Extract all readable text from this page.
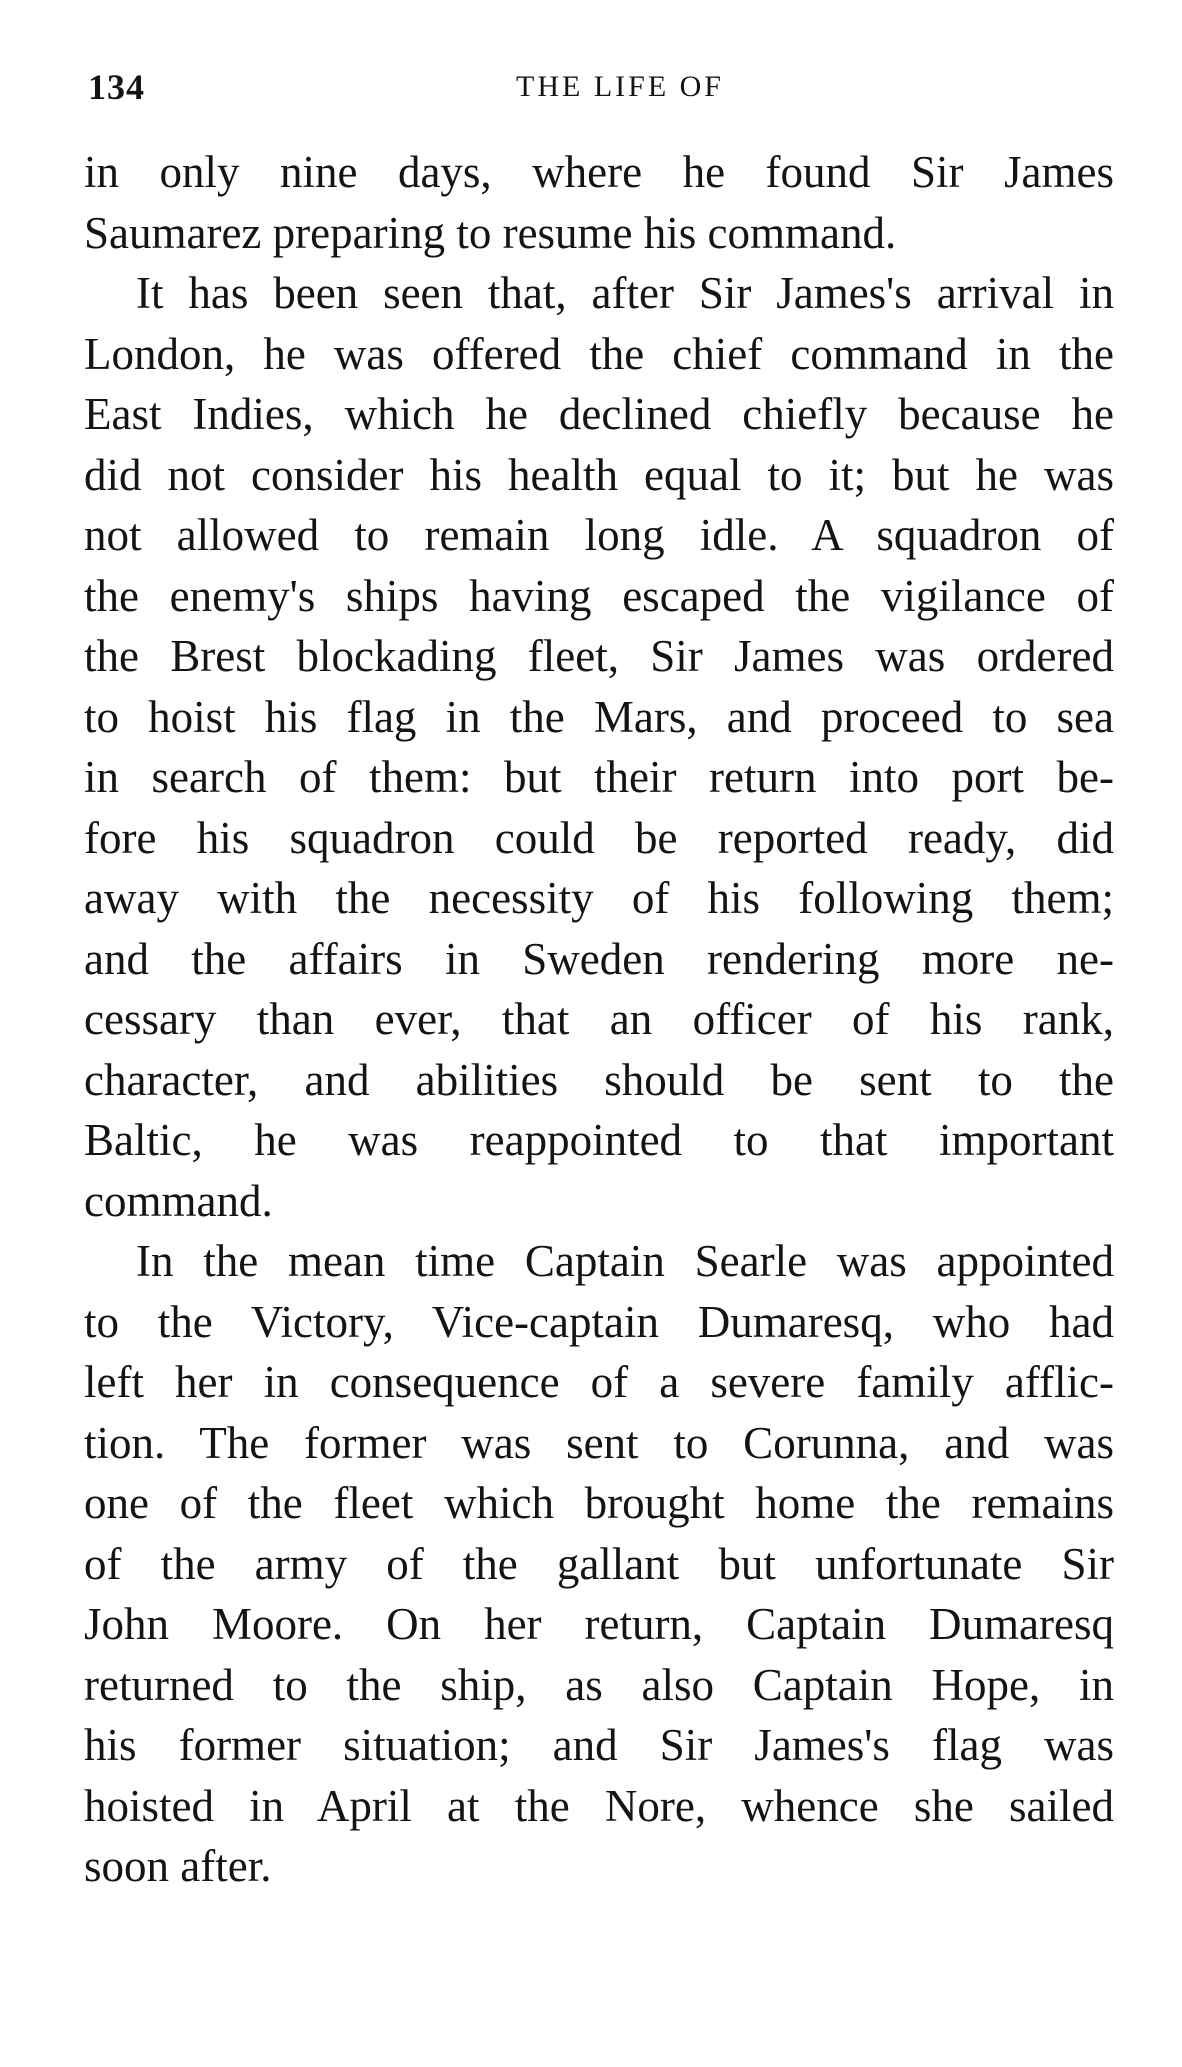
134	THE LIFE OF
in only nine days, where he found Sir James
Saumarez preparing to resume his command.
It has been seen that, after Sir James's arrival in
London, he was offered the chief command in the
East Indies, which he declined chiefly because he
did not consider his health equal to it; but he was
not allowed to remain long idle. A squadron of
the enemy's ships having escaped the vigilance of
the Brest blockading fleet, Sir James was ordered
to hoist his flag in the Mars, and proceed to sea
in search of them: but their return into port be-
fore his squadron could be reported ready, did
away with the necessity of his following them;
and the affairs in Sweden rendering more ne-
cessary than ever, that an officer of his rank,
character, and abilities should be sent to the
Baltic, he was reappointed to that important
command.
In the mean time Captain Searle was appointed
to the Victory, Vice-captain Dumaresq, who had
left her in consequence of a severe family afflic-
tion. The former was sent to Corunna, and was
one of the fleet which brought home the remains
of the army of the gallant but unfortunate Sir
John Moore. On her return, Captain Dumaresq
returned to the ship, as also Captain Hope, in
his former situation; and Sir James's flag was
hoisted in April at the Nore, whence she sailed
soon after.
